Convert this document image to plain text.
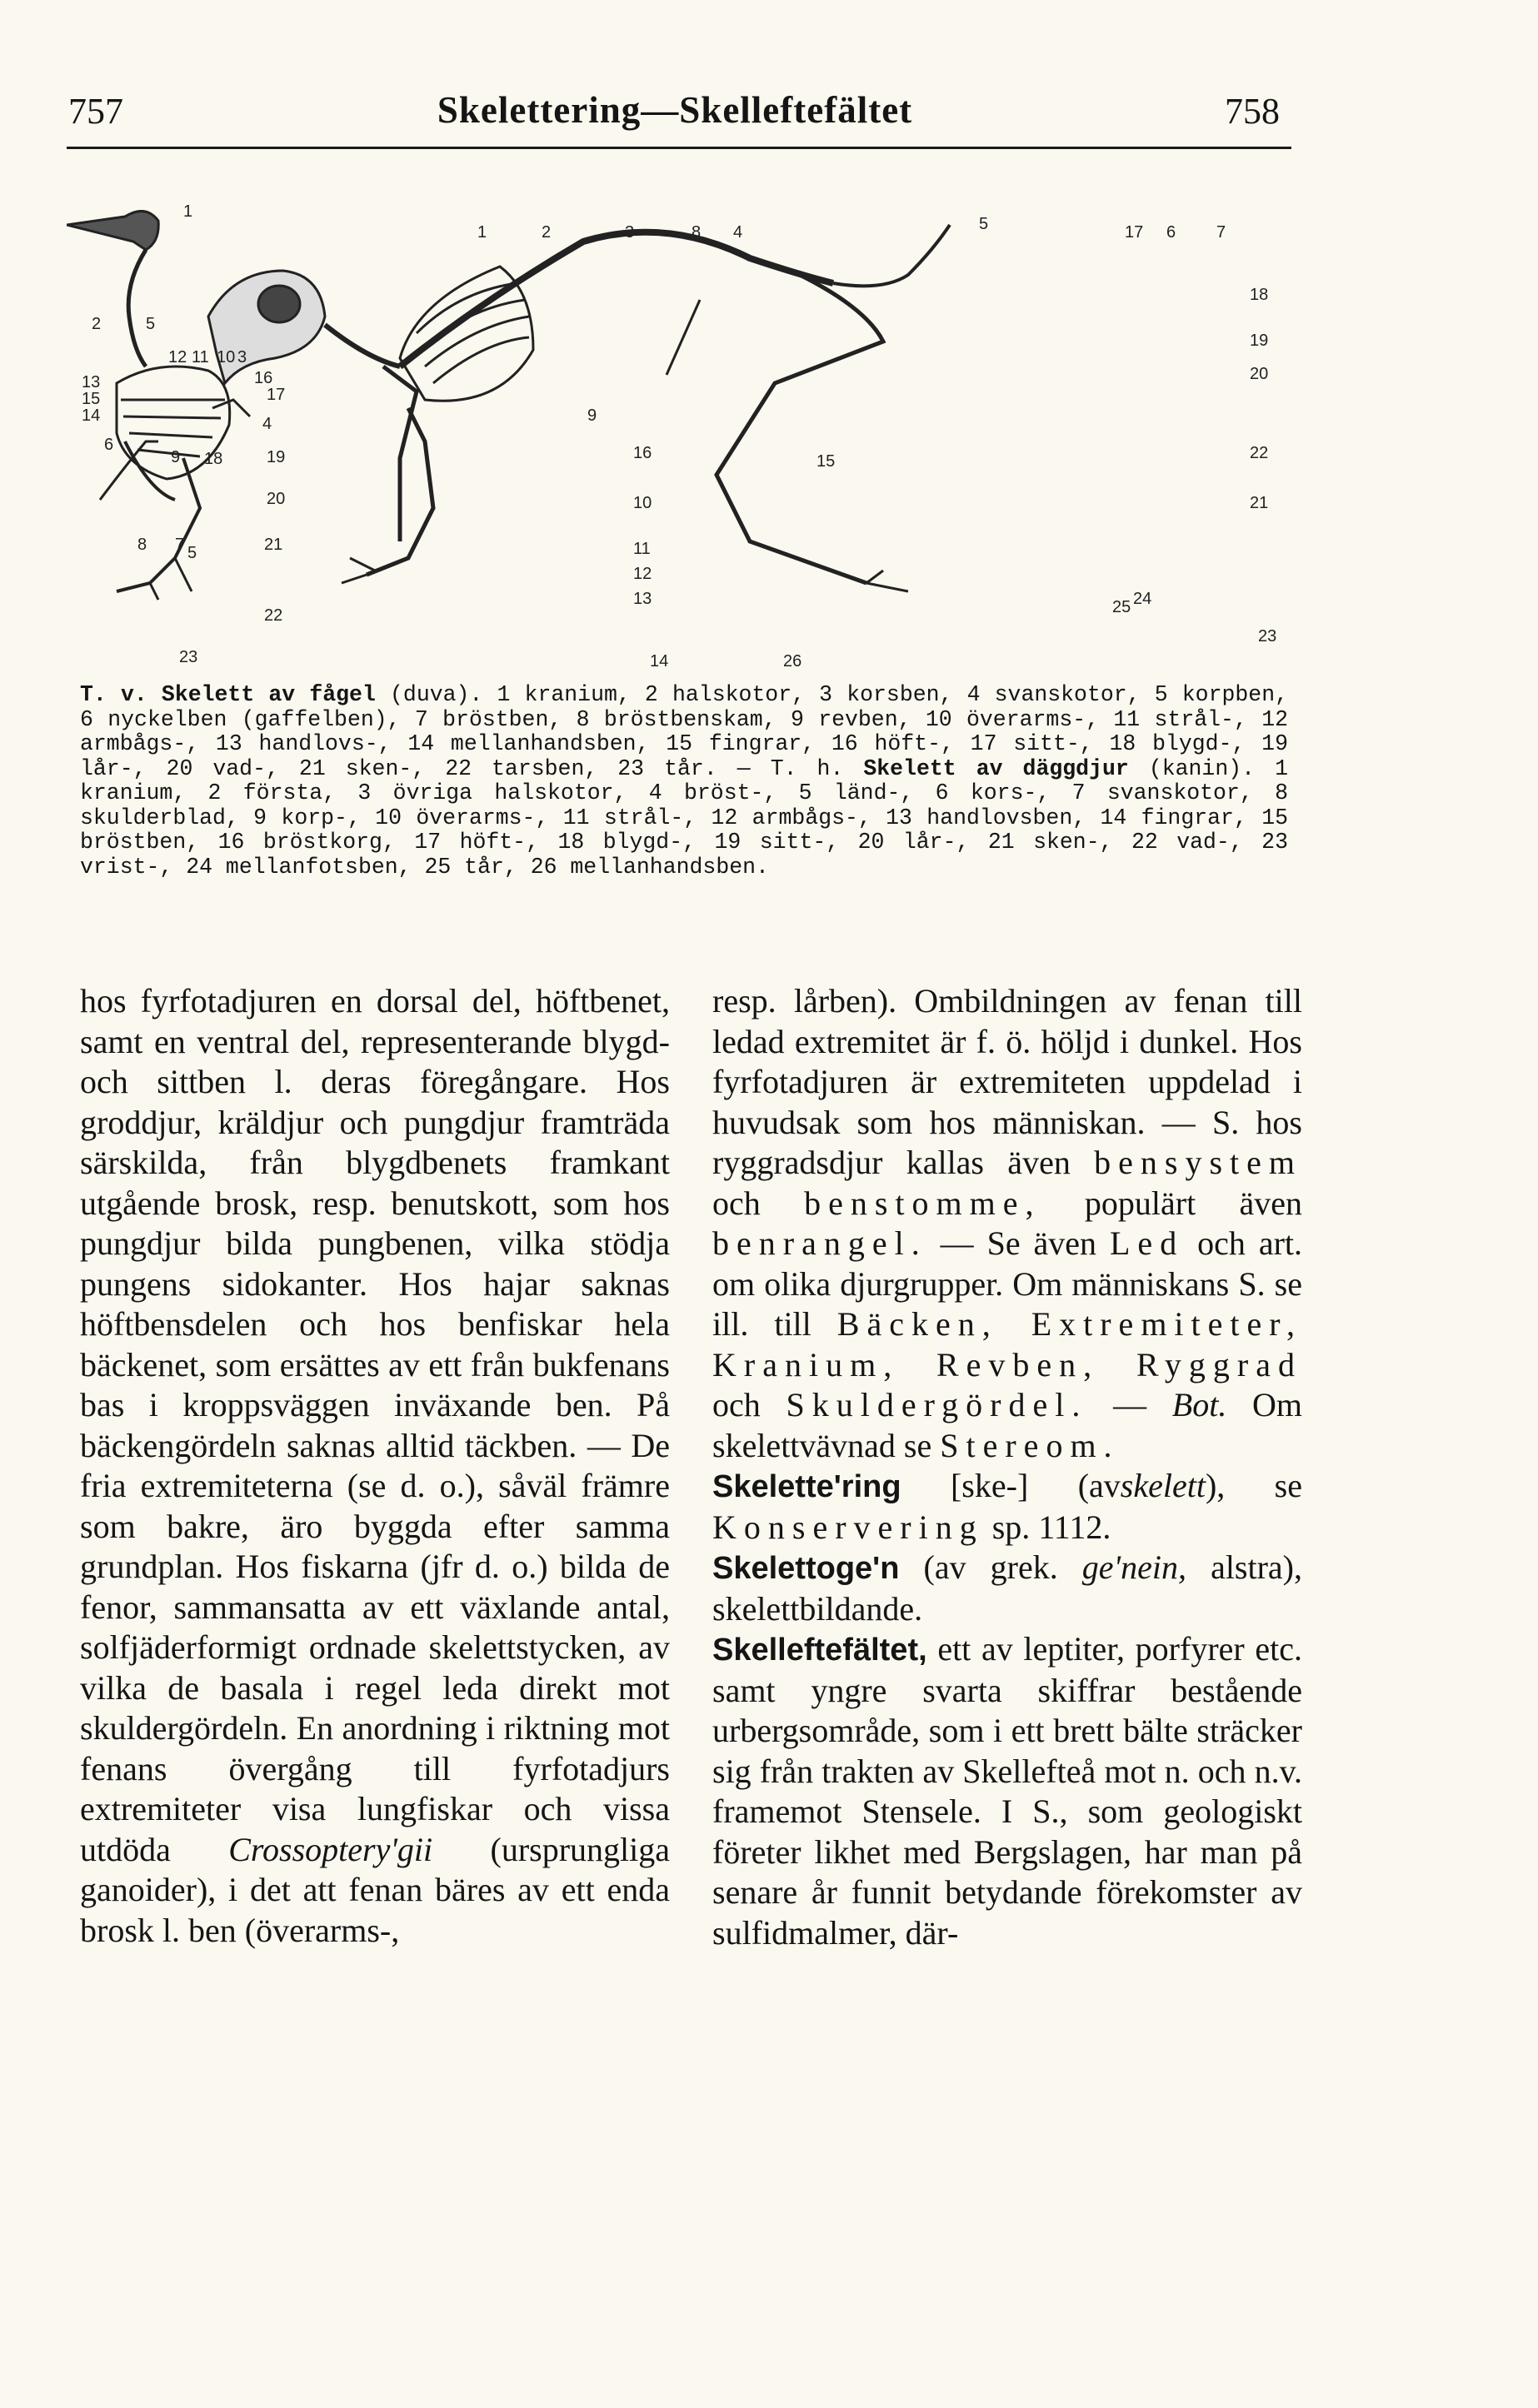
757	Skelettering—Skelleftefältet	758
1
2	5
12 11 10 3
16
13
15
14
6
17
4
19
9 18
20
8 7 5	21
22
23
1	2	3	8 4	5	17 6 7
18
19
20
9
16	15	22
10	21
11
12
13
14	26
25 24
23

T. v. Skelett av fågel (duva). 1 kranium, 2 halskotor, 3 korsben, 4 svanskotor, 5 korpben, 6 nyckelben (gaffelben), 7 bröstben, 8 bröstbenskam, 9 revben, 10 överarms-, 11 strål-, 12 armbågs-, 13 handlovs-, 14 mellanhandsben, 15 fingrar, 16 höft-, 17 sitt-, 18 blygd-, 19 lår-, 20 vad-, 21 sken-, 22 tarsben, 23 tår. — T. h. Skelett av däggdjur (kanin). 1 kranium, 2 första, 3 övriga halskotor, 4 bröst-, 5 länd-, 6 kors-, 7 svanskotor, 8 skulderblad, 9 korp-, 10 överarms-, 11 strål-, 12 armbågs-, 13 handlovsben, 14 fingrar, 15 bröstben, 16 bröstkorg, 17 höft-, 18 blygd-, 19 sitt-, 20 lår-, 21 sken-, 22 vad-, 23 vrist-, 24 mellanfotsben, 25 tår, 26 mellanhandsben.

hos fyrfotadjuren en dorsal del, höftbenet, samt en ventral del, representerande blygd- och sittben l. deras föregångare. Hos groddjur, kräldjur och pungdjur framträda särskilda, från blygdbenets framkant utgående brosk, resp. benutskott, som hos pungdjur bilda pungbenen, vilka stödja pungens sidokanter. Hos hajar saknas höftbensdelen och hos benfiskar hela bäckenet, som ersättes av ett från bukfenans bas i kroppsväggen inväxande ben. På bäckengördeln saknas alltid täckben. — De fria extremiteterna (se d. o.), såväl främre som bakre, äro byggda efter samma grundplan. Hos fiskarna (jfr d. o.) bilda de fenor, sammansatta av ett växlande antal, solfjäderformigt ordnade skelettstycken, av vilka de basala i regel leda direkt mot skuldergördeln. En anordning i riktning mot fenans övergång till fyrfotadjurs extremiteter visa lungfiskar och vissa utdöda Crossopteryʹgii (ursprungliga ganoider), i det att fenan bäres av ett enda brosk l. ben (överarms-,

resp. lårben). Ombildningen av fenan till ledad extremitet är f. ö. höljd i dunkel. Hos fyrfotadjuren är extremiteten uppdelad i huvudsak som hos människan. — S. hos ryggradsdjur kallas även bensystem och benstomme, populärt även benrangel. — Se även Led och art. om olika djurgrupper. Om människans S. se ill. till Bäcken, Extremiteter, Kranium, Revben, Ryggrad och Skuldergördel. — Bot. Om skelettvävnad se Stereom.

Skeletteʹring [ske-] (avskelett), se Konservering sp. 1112.

Skelettogeʹn (av grek. geʹnein, alstra), skelettbildande.

Skelleftefältet, ett av leptiter, porfyrer etc. samt yngre svarta skiffrar bestående urbergsområde, som i ett brett bälte sträcker sig från trakten av Skellefteå mot n. och n.v. framemot Stensele. I S., som geologiskt företer likhet med Bergslagen, har man på senare år funnit betydande förekomster av sulfidmalmer, där-
